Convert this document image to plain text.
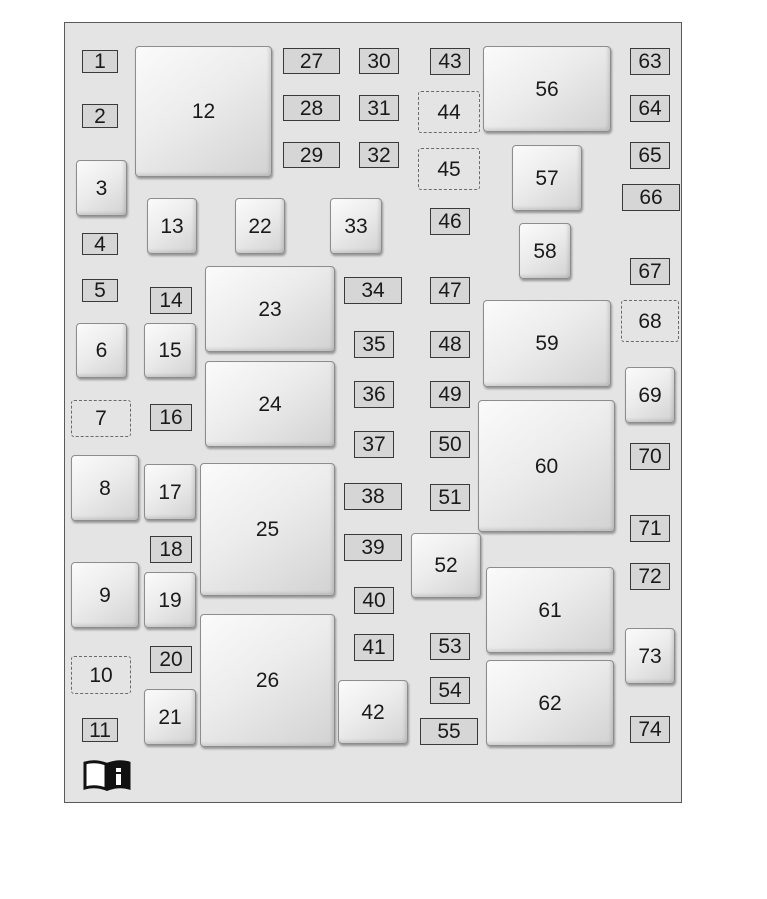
1
2
3
4
5
6
7
8
9
10
11
12
13
14
15
16
17
18
19
20
21
22
23
24
25
26
27
28
29
30
31
32
33
34
35
36
37
38
39
40
41
42
43
44
45
46
47
48
49
50
51
52
53
54
55
56
57
58
59
60
61
62
63
64
65
66
67
68
69
70
71
72
73
74
